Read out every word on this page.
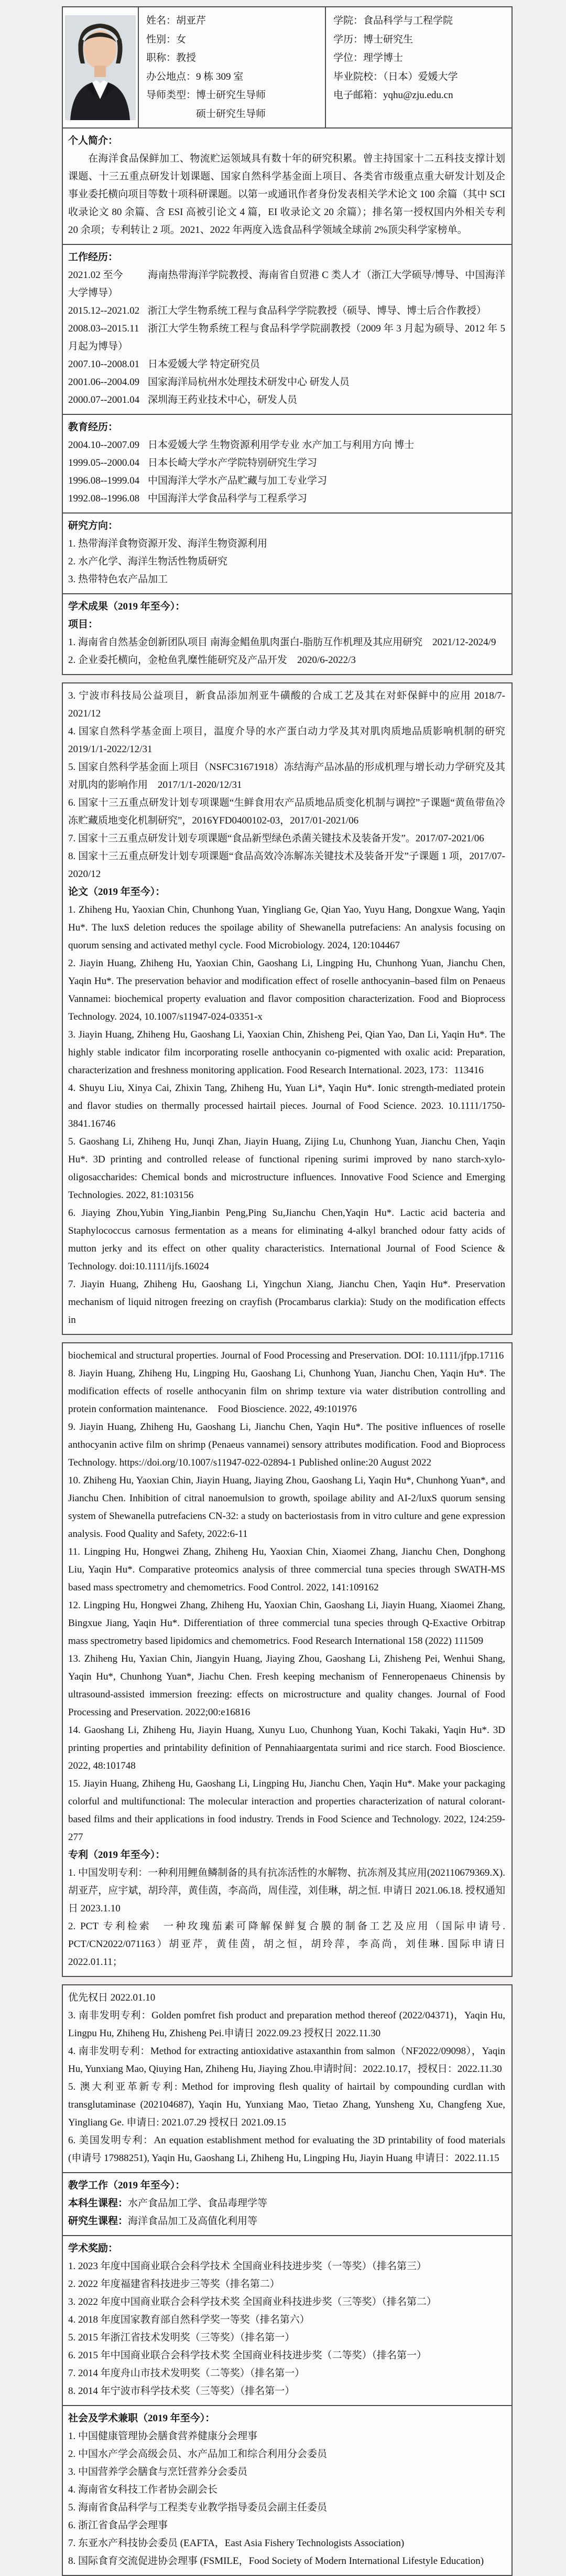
姓名：胡亚芹
性别：女
职称：教授
办公地点：9 栋 309 室
导师类型：博士研究生导师
硕士研究生导师
学院：食品科学与工程学院
学历：博士研究生
学位：理学博士
毕业院校：（日本）爱媛大学
电子邮箱：yqhu@zju.edu.cn
个人简介：
在海洋食品保鲜加工、物流贮运领域具有数十年的研究积累。曾主持国家十二五科技支撑计划课题、十三五重点研发计划课题、国家自然科学基金面上项目、各类省市级重点重大研发计划及企事业委托横向项目等数十项科研课题。以第一或通讯作者身份发表相关学术论文 100 余篇（其中 SCI 收录论文 80 余篇、含 ESI 高被引论文 4 篇，EI 收录论文 20 余篇）；排名第一授权国内外相关专利 20 余项；专利转让 2 项。2021、2022 年两度入选食品科学领域全球前 2%顶尖科学家榜单。
工作经历：
2021.02 至今 海南热带海洋学院教授、海南省自贸港 C 类人才（浙江大学硕导/博导、中国海洋大学博导）
2015.12--2021.02 浙江大学生物系统工程与食品科学学院教授（硕导、博导、博士后合作教授）
2008.03--2015.11 浙江大学生物系统工程与食品科学学院副教授（2009 年 3 月起为硕导、2012 年 5 月起为博导）
2007.10--2008.01 日本爱媛大学 特定研究员
2001.06--2004.09 国家海洋局杭州水处理技术研发中心 研发人员
2000.07--2001.04 深圳海王药业技术中心，研发人员
教育经历：
2004.10--2007.09 日本爱媛大学 生物资源利用学专业 水产加工与利用方向 博士
1999.05--2000.04 日本长崎大学水产学院特别研究生学习
1996.08--1999.04 中国海洋大学水产品贮藏与加工专业学习
1992.08--1996.08 中国海洋大学食品科学与工程系学习
研究方向：
1. 热带海洋食物资源开发、海洋生物资源利用
2. 水产化学、海洋生物活性物质研究
3. 热带特色农产品加工
学术成果（2019 年至今）：
项目：
1. 海南省自然基金创新团队项目 南海金鲳鱼肌肉蛋白-脂肪互作机理及其应用研究　2021/12-2024/9
2. 企业委托横向，金枪鱼乳糜性能研究及产品开发　2020/6-2022/3
3. 宁波市科技局公益项目，新食品添加剂亚牛磺酸的合成工艺及其在对虾保鲜中的应用 2018/7-2021/12
4. 国家自然科学基金面上项目，温度介导的水产蛋白动力学及其对肌肉质地品质影响机制的研究 2019/1/1-2022/12/31
5. 国家自然科学基金面上项目（NSFC31671918）冻结海产品冰晶的形成机理与增长动力学研究及其对肌肉的影响作用　2017/1/1-2020/12/31
6. 国家十三五重点研发计划专项课题“生鲜食用农产品质地品质变化机制与调控”子课题“黄鱼带鱼冷冻贮藏质地变化机制研究”，2016YFD0400102-03，2017/01-2021/06
7. 国家十三五重点研发计划专项课题“食品新型绿色杀菌关键技术及装备开发”。2017/07-2021/06
8. 国家十三五重点研发计划专项课题“食品高效冷冻解冻关键技术及装备开发”子课题 1 项，2017/07-2020/12
论文（2019 年至今）：
1. Zhiheng Hu, Yaoxian Chin, Chunhong Yuan, Yingliang Ge, Qian Yao, Yuyu Hang, Dongxue Wang, Yaqin Hu*. The luxS deletion reduces the spoilage ability of Shewanella putrefaciens: An analysis focusing on quorum sensing and activated methyl cycle. Food Microbiology. 2024, 120:104467
2. Jiayin Huang, Zhiheng Hu, Yaoxian Chin, Gaoshang Li, Lingping Hu, Chunhong Yuan, Jianchu Chen, Yaqin Hu*. The preservation behavior and modification effect of roselle anthocyanin–based film on Penaeus Vannamei: biochemical property evaluation and flavor composition characterization. Food and Bioprocess Technology. 2024, 10.1007/s11947-024-03351-x
3. Jiayin Huang, Zhiheng Hu, Gaoshang Li, Yaoxian Chin, Zhisheng Pei, Qian Yao, Dan Li, Yaqin Hu*. The highly stable indicator film incorporating roselle anthocyanin co-pigmented with oxalic acid: Preparation, characterization and freshness monitoring application. Food Research International. 2023, 173：113416
4. Shuyu Liu, Xinya Cai, Zhixin Tang, Zhiheng Hu, Yuan Li*, Yaqin Hu*. Ionic strength-mediated protein and flavor studies on thermally processed hairtail pieces. Journal of Food Science. 2023. 10.1111/1750-3841.16746
5. Gaoshang Li, Zhiheng Hu, Junqi Zhan, Jiayin Huang, Zijing Lu, Chunhong Yuan, Jianchu Chen, Yaqin Hu*. 3D printing and controlled release of functional ripening surimi improved by nano starch-xylo-oligosaccharides: Chemical bonds and microstructure influences. Innovative Food Science and Emerging Technologies. 2022, 81:103156
6. Jiaying Zhou,Yubin Ying,Jianbin Peng,Ping Su,Jianchu Chen,Yaqin Hu*. Lactic acid bacteria and Staphylococcus carnosus fermentation as a means for eliminating 4-alkyl branched odour fatty acids of mutton jerky and its effect on other quality characteristics. International Journal of Food Science & Technology. doi:10.1111/ijfs.16024
7. Jiayin Huang, Zhiheng Hu, Gaoshang Li, Yingchun Xiang, Jianchu Chen, Yaqin Hu*. Preservation mechanism of liquid nitrogen freezing on crayfish (Procambarus clarkia): Study on the modification effects in
biochemical and structural properties. Journal of Food Processing and Preservation. DOI: 10.1111/jfpp.17116
8. Jiayin Huang, Zhiheng Hu, Lingping Hu, Gaoshang Li, Chunhong Yuan, Jianchu Chen, Yaqin Hu*. The modification effects of roselle anthocyanin film on shrimp texture via water distribution controlling and protein conformation maintenance.　Food Bioscience. 2022, 49:101976
9. Jiayin Huang, Zhiheng Hu, Gaoshang Li, Jianchu Chen, Yaqin Hu*. The positive influences of roselle anthocyanin active film on shrimp (Penaeus vannamei) sensory attributes modification. Food and Bioprocess Technology. https://doi.org/10.1007/s11947-022-02894-1 Published online:20 August 2022
10. Zhiheng Hu, Yaoxian Chin, Jiayin Huang, Jiaying Zhou, Gaoshang Li, Yaqin Hu*, Chunhong Yuan*, and Jianchu Chen. Inhibition of citral nanoemulsion to growth, spoilage ability and AI-2/luxS quorum sensing system of Shewanella putrefaciens CN-32: a study on bacteriostasis from in vitro culture and gene expression analysis. Food Quality and Safety, 2022:6-11
11. Lingping Hu, Hongwei Zhang, Zhiheng Hu, Yaoxian Chin, Xiaomei Zhang, Jianchu Chen, Donghong Liu, Yaqin Hu*. Comparative proteomics analysis of three commercial tuna species through SWATH-MS based mass spectrometry and chemometrics. Food Control. 2022, 141:109162
12. Lingping Hu, Hongwei Zhang, Zhiheng Hu, Yaoxian Chin, Gaoshang Li, Jiayin Huang, Xiaomei Zhang, Bingxue Jiang, Yaqin Hu*. Differentiation of three commercial tuna species through Q-Exactive Orbitrap mass spectrometry based lipidomics and chemometrics. Food Research International 158 (2022) 111509
13. Zhiheng Hu, Yaxian Chin, Jiangyin Huang, Jiaying Zhou, Gaoshang Li, Zhisheng Pei, Wenhui Shang, Yaqin Hu*, Chunhong Yuan*, Jiachu Chen. Fresh keeping mechanism of Fenneropenaeus Chinensis by ultrasound-assisted immersion freezing: effects on microstructure and quality changes. Journal of Food Processing and Preservation. 2022;00:e16816
14. Gaoshang Li, Zhiheng Hu, Jiayin Huang, Xunyu Luo, Chunhong Yuan, Kochi Takaki, Yaqin Hu*. 3D printing properties and printability definition of Pennahiaargentata surimi and rice starch. Food Bioscience. 2022, 48:101748
15. Jiayin Huang, Zhiheng Hu, Gaoshang Li, Lingping Hu, Jianchu Chen, Yaqin Hu*. Make your packaging colorful and multifunctional: The molecular interaction and properties characterization of natural colorant-based films and their applications in food industry. Trends in Food Science and Technology. 2022, 124:259-277
专利（2019 年至今）：
1. 中国发明专利：一种利用鲤鱼鳞制备的具有抗冻活性的水解物、抗冻剂及其应用(202110679369.X). 胡亚芹，应宇斌，胡玲萍，黄佳茵，李高尚，周佳滢，刘佳琳，胡之恒. 申请日 2021.06.18. 授权通知日 2023.1.10
2. PCT 专利检索　一种玫瑰茄素可降解保鲜复合膜的制备工艺及应用（国际申请号. PCT/CN2022/071163）胡亚芹，黄佳茵，胡之恒，胡玲萍，李高尚，刘佳琳. 国际申请日 2022.01.11；
优先权日 2022.01.10
3. 南非发明专利：Golden pomfret fish product and preparation method thereof (2022/04371)，Yaqin Hu, Lingpu Hu, Zhiheng Hu, Zhisheng Pei.申请日 2022.09.23 授权日 2022.11.30
4. 南非发明专利：Method for extracting antioxidative astaxanthin from salmon（NF2022/09098），Yaqin Hu, Yunxiang Mao, Qiuying Han, Zhiheng Hu, Jiaying Zhou.申请时间：2022.10.17，授权日：2022.11.30
5. 澳大利亚革新专利: Method for improving flesh quality of hairtail by compounding curdlan with transglutaminase (202104687), Yaqin Hu, Yunxiang Mao, Tietao Zhang, Yunsheng Xu, Changfeng Xue, Yingliang Ge. 申请日: 2021.07.29 授权日 2021.09.15
6. 美国发明专利：An equation establishment method for evaluating the 3D printability of food materials (申请号 17988251), Yaqin Hu, Gaoshang Li, Zhiheng Hu, Lingping Hu, Jiayin Huang 申请日：2022.11.15
教学工作（2019 年至今）：
本科生课程：水产食品加工学、食品毒理学等
研究生课程：海洋食品加工及高值化利用等
学术奖励：
1. 2023 年度中国商业联合会科学技术 全国商业科技进步奖（一等奖）（排名第三）
2. 2022 年度福建省科技进步三等奖（排名第二）
3. 2022 年度中国商业联合会科学技术奖 全国商业科技进步奖（三等奖）（排名第二）
4. 2018 年度国家教育部自然科学奖一等奖（排名第六）
5. 2015 年浙江省技术发明奖（三等奖）（排名第一）
6. 2015 年中国商业联合会科学技术奖 全国商业科技进步奖（二等奖）（排名第一）
7. 2014 年度舟山市技术发明奖（二等奖）（排名第一）
8. 2014 年宁波市科学技术奖（三等奖）（排名第一）
社会及学术兼职（2019 年至今）：
1. 中国健康管理协会膳食营养健康分会理事
2. 中国水产学会高级会员、水产品加工和综合利用分会委员
3. 中国营养学会膳食与烹饪营养分会委员
4. 海南省女科技工作者协会副会长
5. 海南省食品科学与工程类专业教学指导委员会副主任委员
6. 浙江省食品学会理事
7. 东亚水产科技协会委员 (EAFTA，East Asia Fishery Technologists Association)
8. 国际食育交流促进协会理事 (FSMILE，Food Society of Modern International Lifestyle Education)
